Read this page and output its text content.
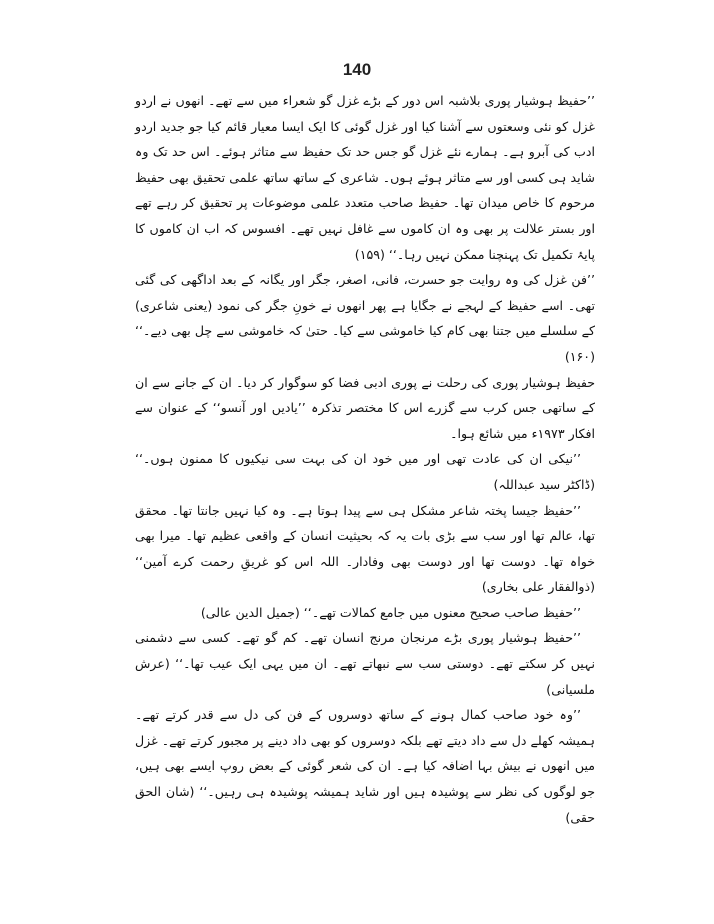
140

’’حفیظ ہوشیار پوری بلاشبہ اس دور کے بڑے غزل گو شعراء میں سے تھے۔ انھوں نے اردو غزل کو نئی وسعتوں سے آشنا کیا اور غزل گوئی کا ایک ایسا معیار قائم کیا جو جدید اردو ادب کی آبرو ہے۔ ہمارے نئے غزل گو جس حد تک حفیظ سے متاثر ہوئے۔ اس حد تک وہ شاید ہی کسی اور سے متاثر ہوئے ہوں۔ شاعری کے ساتھ ساتھ علمی تحقیق بھی حفیظ مرحوم کا خاص میدان تھا۔ حفیظ صاحب متعدد علمی موضوعات پر تحقیق کر رہے تھے اور بستر علالت پر بھی وہ ان کاموں سے غافل نہیں تھے۔ افسوس کہ اب ان کاموں کا پایۂ تکمیل تک پہنچنا ممکن نہیں رہا۔‘‘ (۱۵۹)

’’فن غزل کی وہ روایت جو حسرت، فانی، اصغر، جگر اور یگانہ کے بعد اداگھی کی گئی تھی۔ اسے حفیظ کے لہجے نے جگایا ہے پھر انھوں نے خونِ جگر کی نمود (یعنی شاعری) کے سلسلے میں جتنا بھی کام کیا خاموشی سے کیا۔ حتیٰ کہ خاموشی سے چل بھی دیے۔‘‘ (۱۶۰)

حفیظ ہوشیار پوری کی رحلت نے پوری ادبی فضا کو سوگوار کر دیا۔ ان کے جانے سے ان کے ساتھی جس کرب سے گزرے اس کا مختصر تذکرہ ’’یادیں اور آنسو‘‘ کے عنوان سے افکار ۱۹۷۳ء میں شائع ہوا۔

’’نیکی ان کی عادت تھی اور میں خود ان کی بہت سی نیکیوں کا ممنون ہوں۔‘‘ (ڈاکٹر سید عبداللہ)

’’حفیظ جیسا پختہ شاعر مشکل ہی سے پیدا ہوتا ہے۔ وہ کیا نہیں جانتا تھا۔ محقق تھا، عالم تھا اور سب سے بڑی بات یہ کہ بحیثیت انسان کے واقعی عظیم تھا۔ میرا بھی خواہ تھا۔ دوست تھا اور دوست بھی وفادار۔ اللہ اس کو غریقِ رحمت کرے آمین‘‘ (ذوالفقار علی بخاری)

’’حفیظ صاحب صحیح معنوں میں جامع کمالات تھے۔‘‘ (جمیل الدین عالی)

’’حفیظ ہوشیار پوری بڑے مرنجان مرنج انسان تھے۔ کم گو تھے۔ کسی سے دشمنی نہیں کر سکتے تھے۔ دوستی سب سے نبھاتے تھے۔ ان میں یہی ایک عیب تھا۔‘‘ (عرش ملسیانی)

’’وہ خود صاحب کمال ہونے کے ساتھ دوسروں کے فن کی دل سے قدر کرتے تھے۔ ہمیشہ کھلے دل سے داد دیتے تھے بلکہ دوسروں کو بھی داد دینے پر مجبور کرتے تھے۔ غزل میں انھوں نے بیش بہا اضافہ کیا ہے۔ ان کی شعر گوئی کے بعض روپ ایسے بھی ہیں، جو لوگوں کی نظر سے پوشیدہ ہیں اور شاید ہمیشہ پوشیدہ ہی رہیں۔‘‘ (شان الحق حقی)
